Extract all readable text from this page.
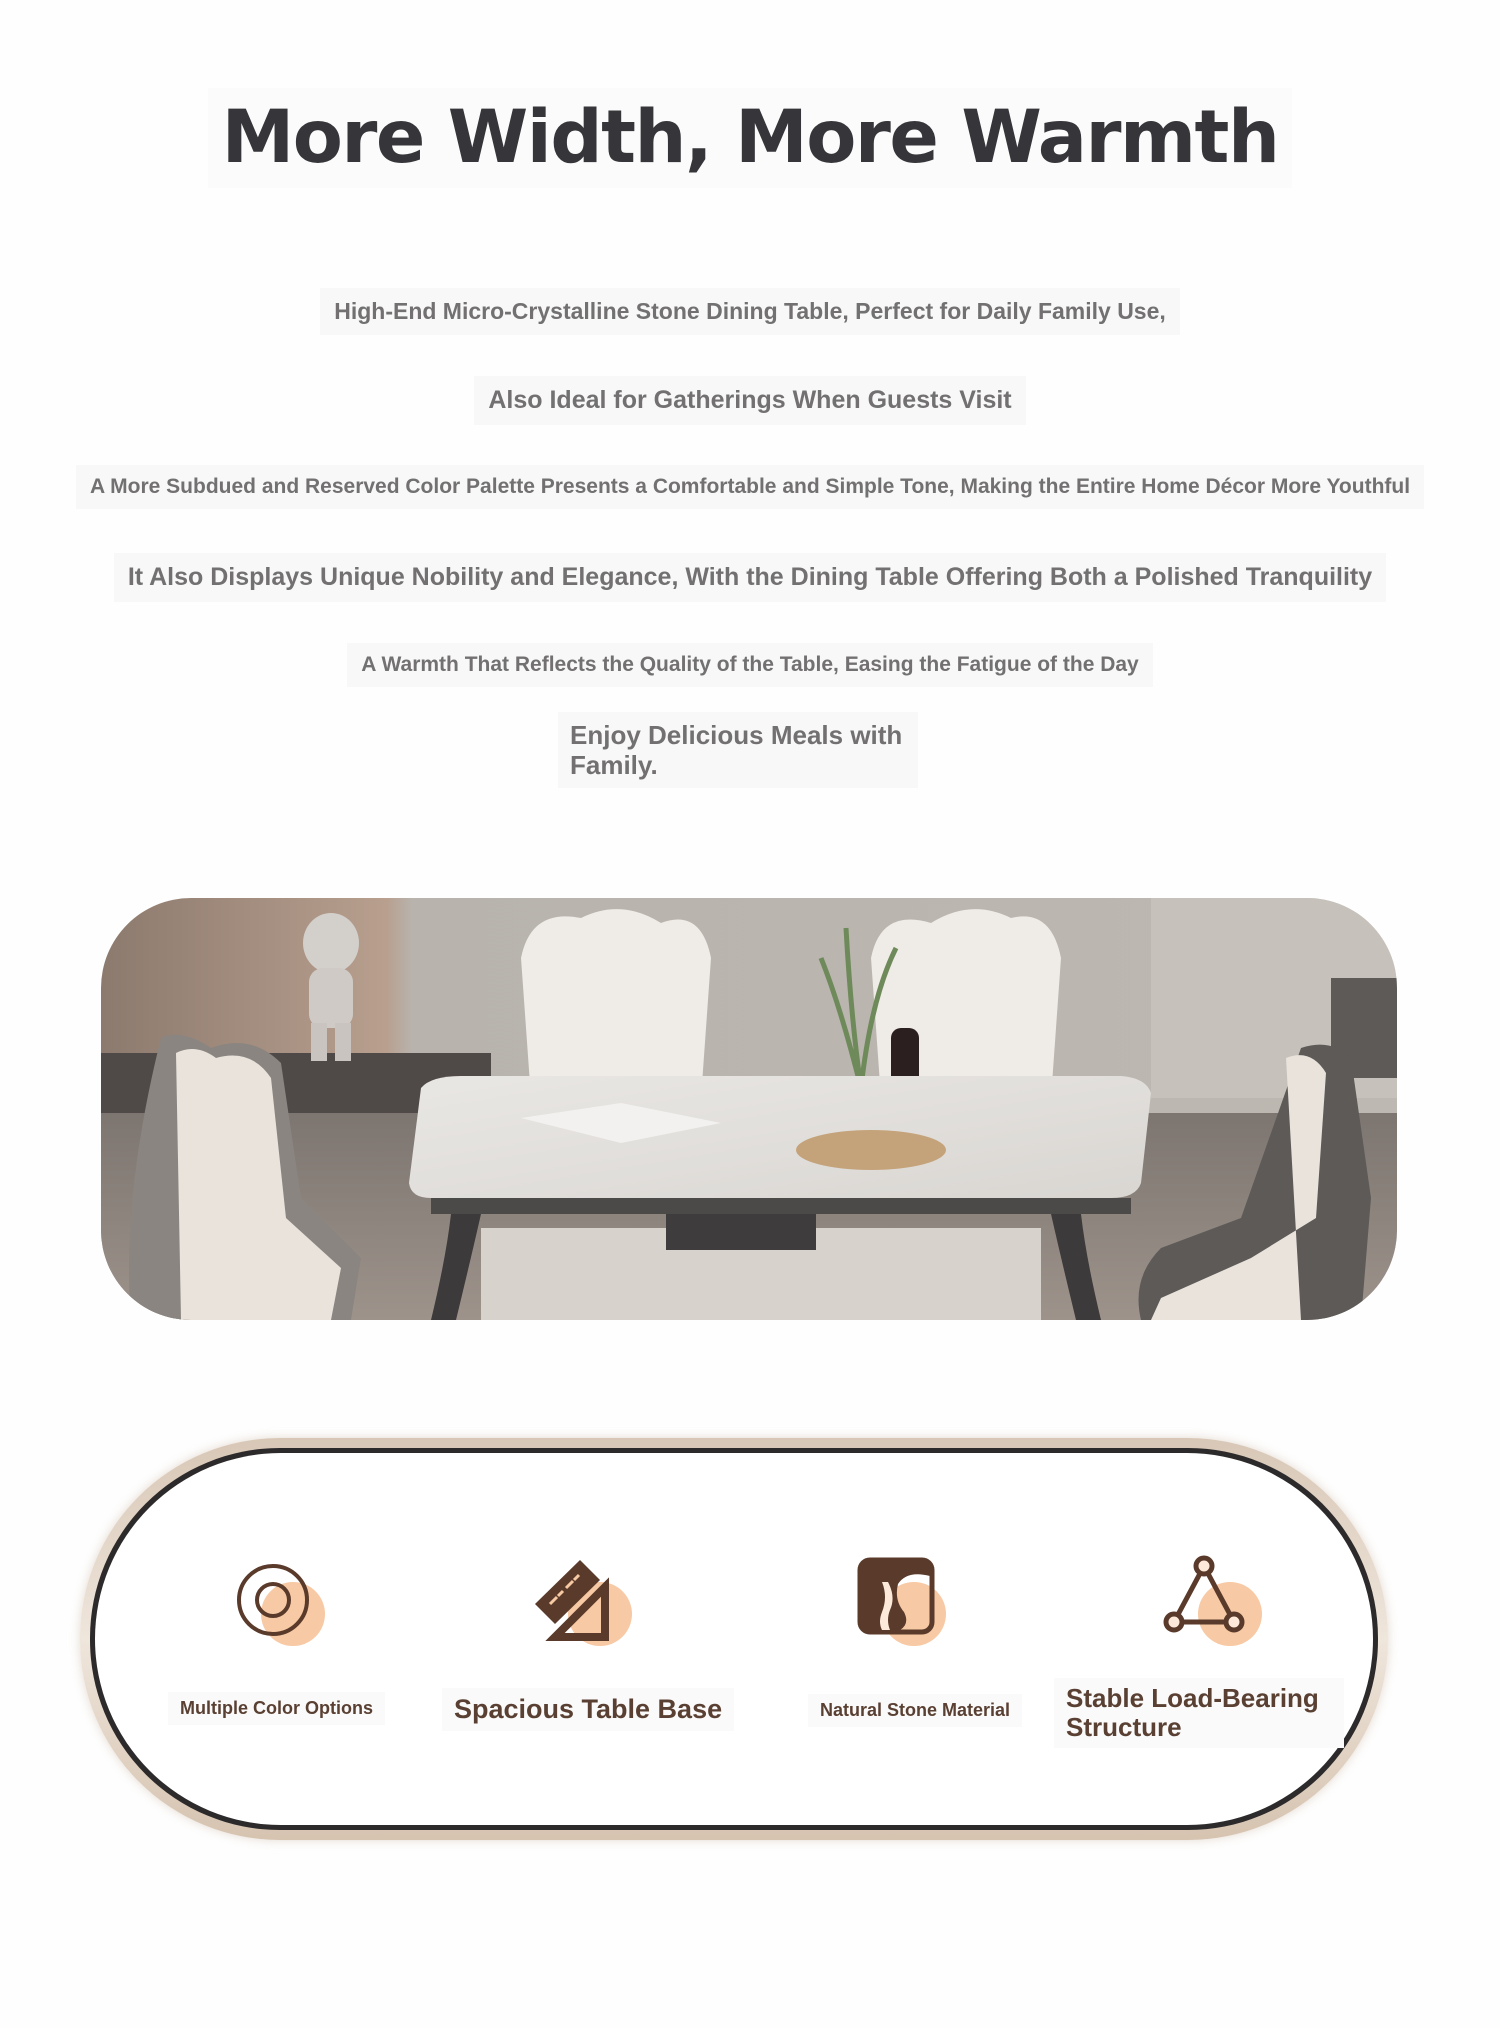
More Width, More Warmth
High-End Micro-Crystalline Stone Dining Table, Perfect for Daily Family Use,
Also Ideal for Gatherings When Guests Visit
A More Subdued and Reserved Color Palette Presents a Comfortable and Simple Tone, Making the Entire Home Décor More Youthful
It Also Displays Unique Nobility and Elegance, With the Dining Table Offering Both a Polished Tranquility
A Warmth That Reflects the Quality of the Table, Easing the Fatigue of the Day
Enjoy Delicious Meals with Family.
Multiple Color Options	Spacious Table Base	Natural Stone Material	Stable Load-Bearing Structure
